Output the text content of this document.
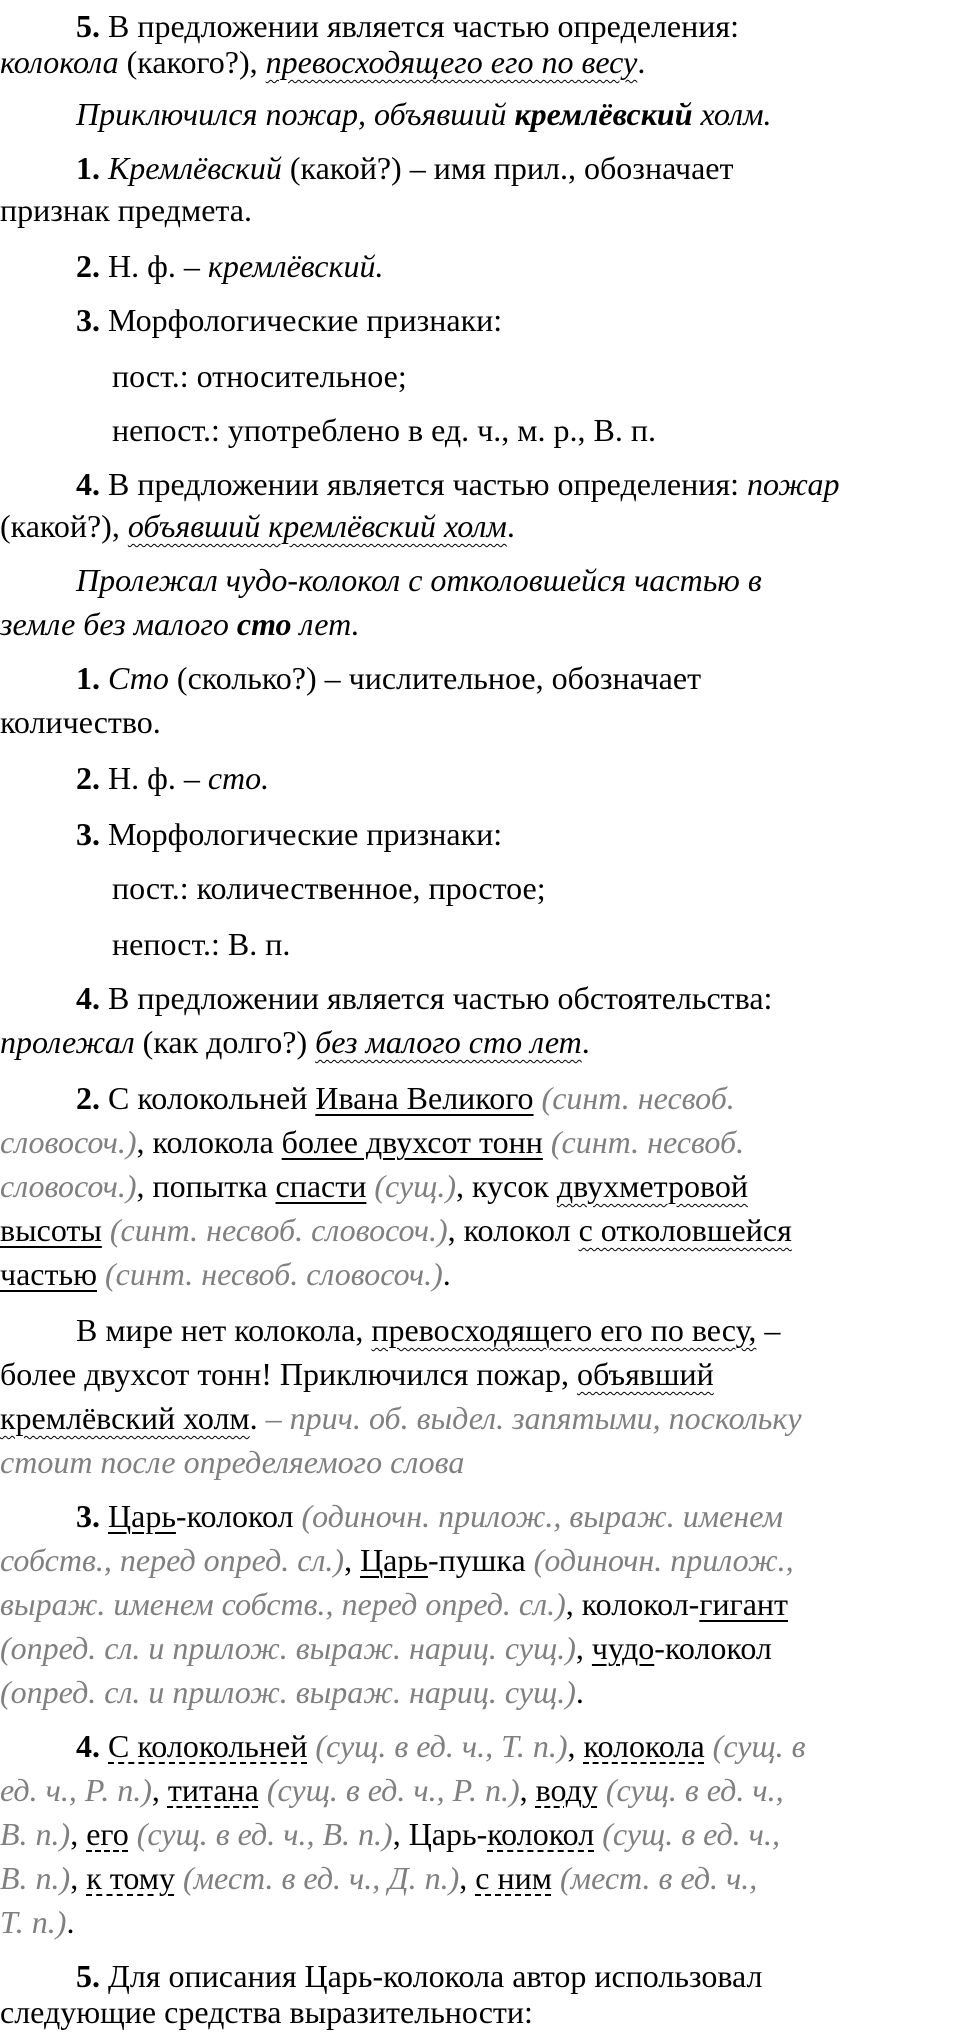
5. В предложении является частью определения:
колокола (какого?), превосходящего его по весу.
Приключился пожар, объявший кремлёвский холм.
1. Кремлёвский (какой?) – имя прил., обозначает
признак предмета.
2. Н. ф. – кремлёвский.
3. Морфологические признаки:
пост.: относительное;
непост.: употреблено в ед. ч., м. р., В. п.
4. В предложении является частью определения: пожар
(какой?), объявший кремлёвский холм.
Пролежал чудо-колокол с отколовшейся частью в
земле без малого сто лет.
1. Сто (сколько?) – числительное, обозначает
количество.
2. Н. ф. – сто.
3. Морфологические признаки:
пост.: количественное, простое;
непост.: В. п.
4. В предложении является частью обстоятельства:
пролежал (как долго?) без малого сто лет.
2. С колокольней Ивана Великого (синт. несвоб.
словосоч.), колокола более двухсот тонн (синт. несвоб.
словосоч.), попытка спасти (сущ.), кусок двухметровой
высоты (синт. несвоб. словосоч.), колокол с отколовшейся
частью (синт. несвоб. словосоч.).
В мире нет колокола, превосходящего его по весу, –
более двухсот тонн! Приключился пожар, объявший
кремлёвский холм. – прич. об. выдел. запятыми, поскольку
стоит после определяемого слова
3. Царь-колокол (одиночн. прилож., выраж. именем
собств., перед опред. сл.), Царь-пушка (одиночн. прилож.,
выраж. именем собств., перед опред. сл.), колокол-гигант
(опред. сл. и прилож. выраж. нариц. сущ.), чудо-колокол
(опред. сл. и прилож. выраж. нариц. сущ.).
4. С колокольней (сущ. в ед. ч., Т. п.), колокола (сущ. в
ед. ч., Р. п.), титана (сущ. в ед. ч., Р. п.), воду (сущ. в ед. ч.,
В. п.), его (сущ. в ед. ч., В. п.), Царь-колокол (сущ. в ед. ч.,
В. п.), к тому (мест. в ед. ч., Д. п.), с ним (мест. в ед. ч.,
Т. п.).
5. Для описания Царь-колокола автор использовал
следующие средства выразительности:
